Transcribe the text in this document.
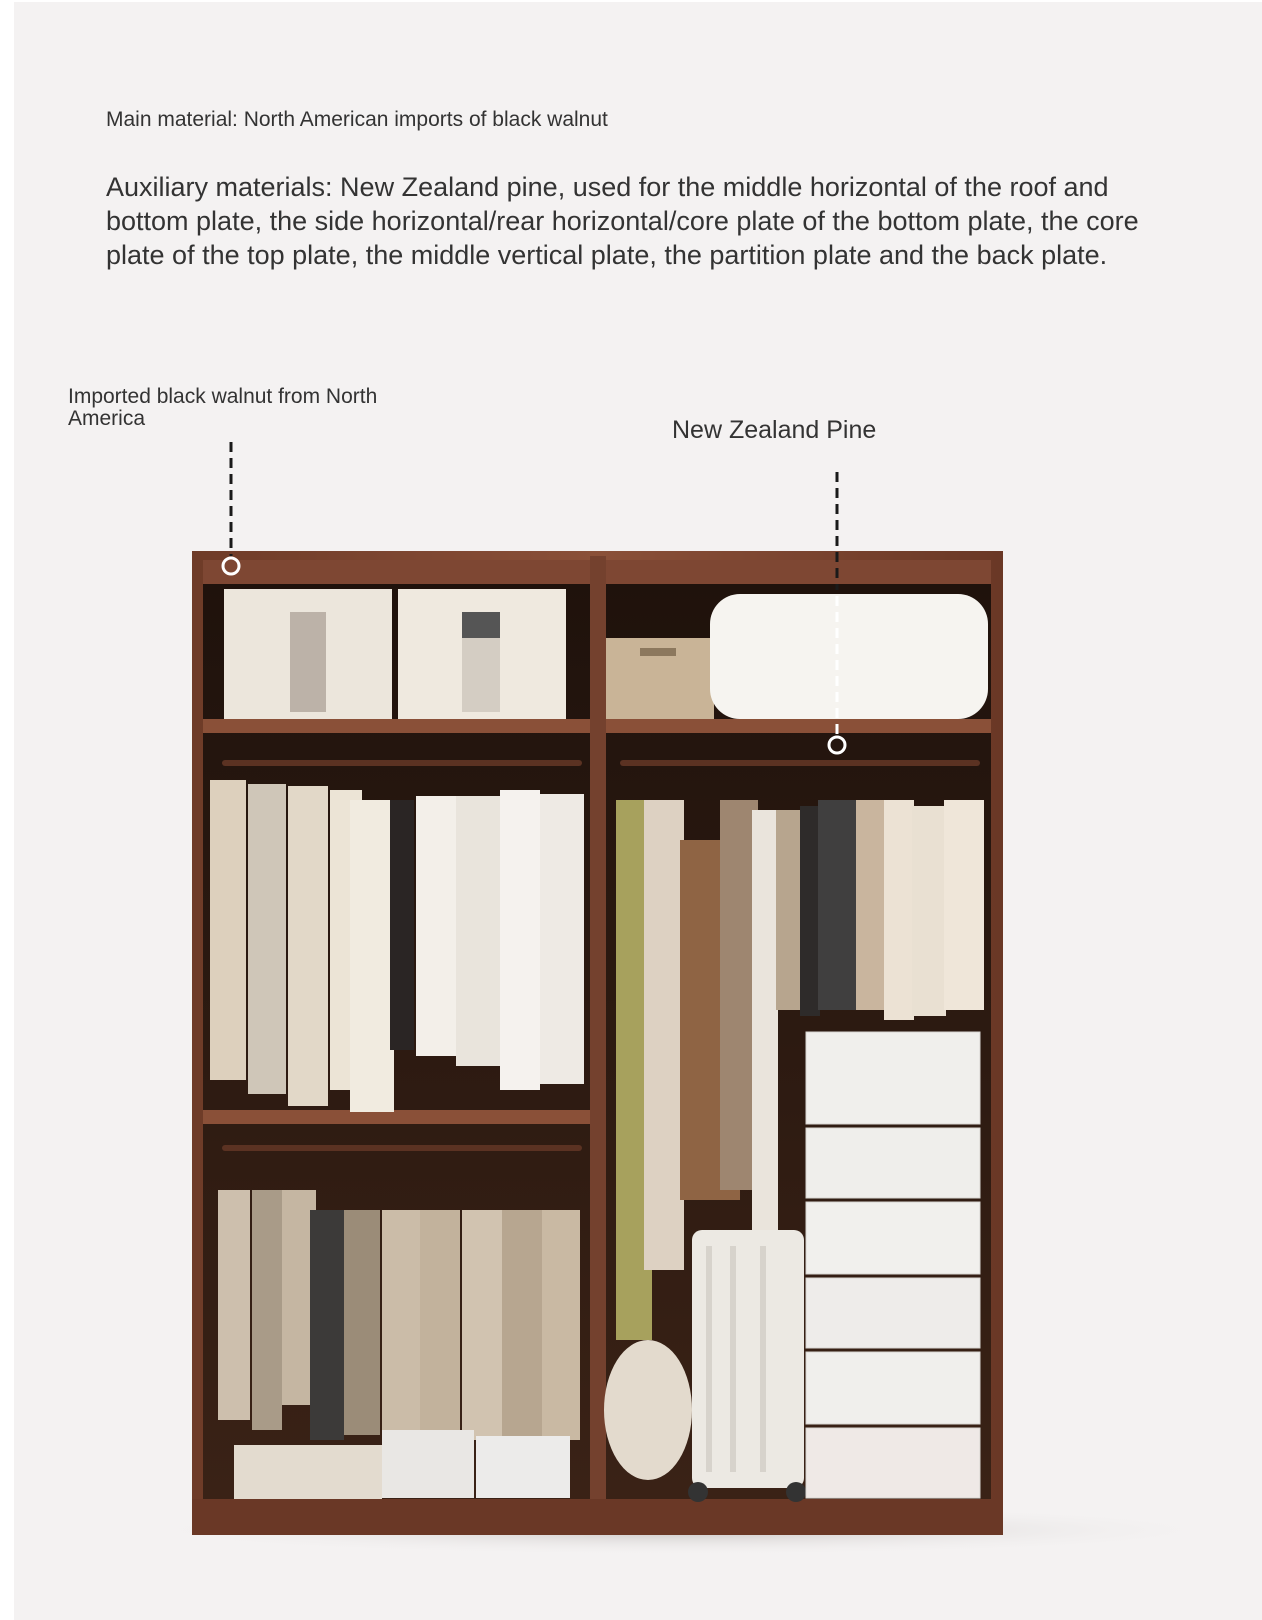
Main material: North American imports of black walnut
Auxiliary materials: New Zealand pine, used for the middle horizontal of the roof and bottom plate, the side horizontal/rear horizontal/core plate of the bottom plate, the core plate of the top plate, the middle vertical plate, the partition plate and the back plate.
Imported black walnut from North America	New Zealand Pine
